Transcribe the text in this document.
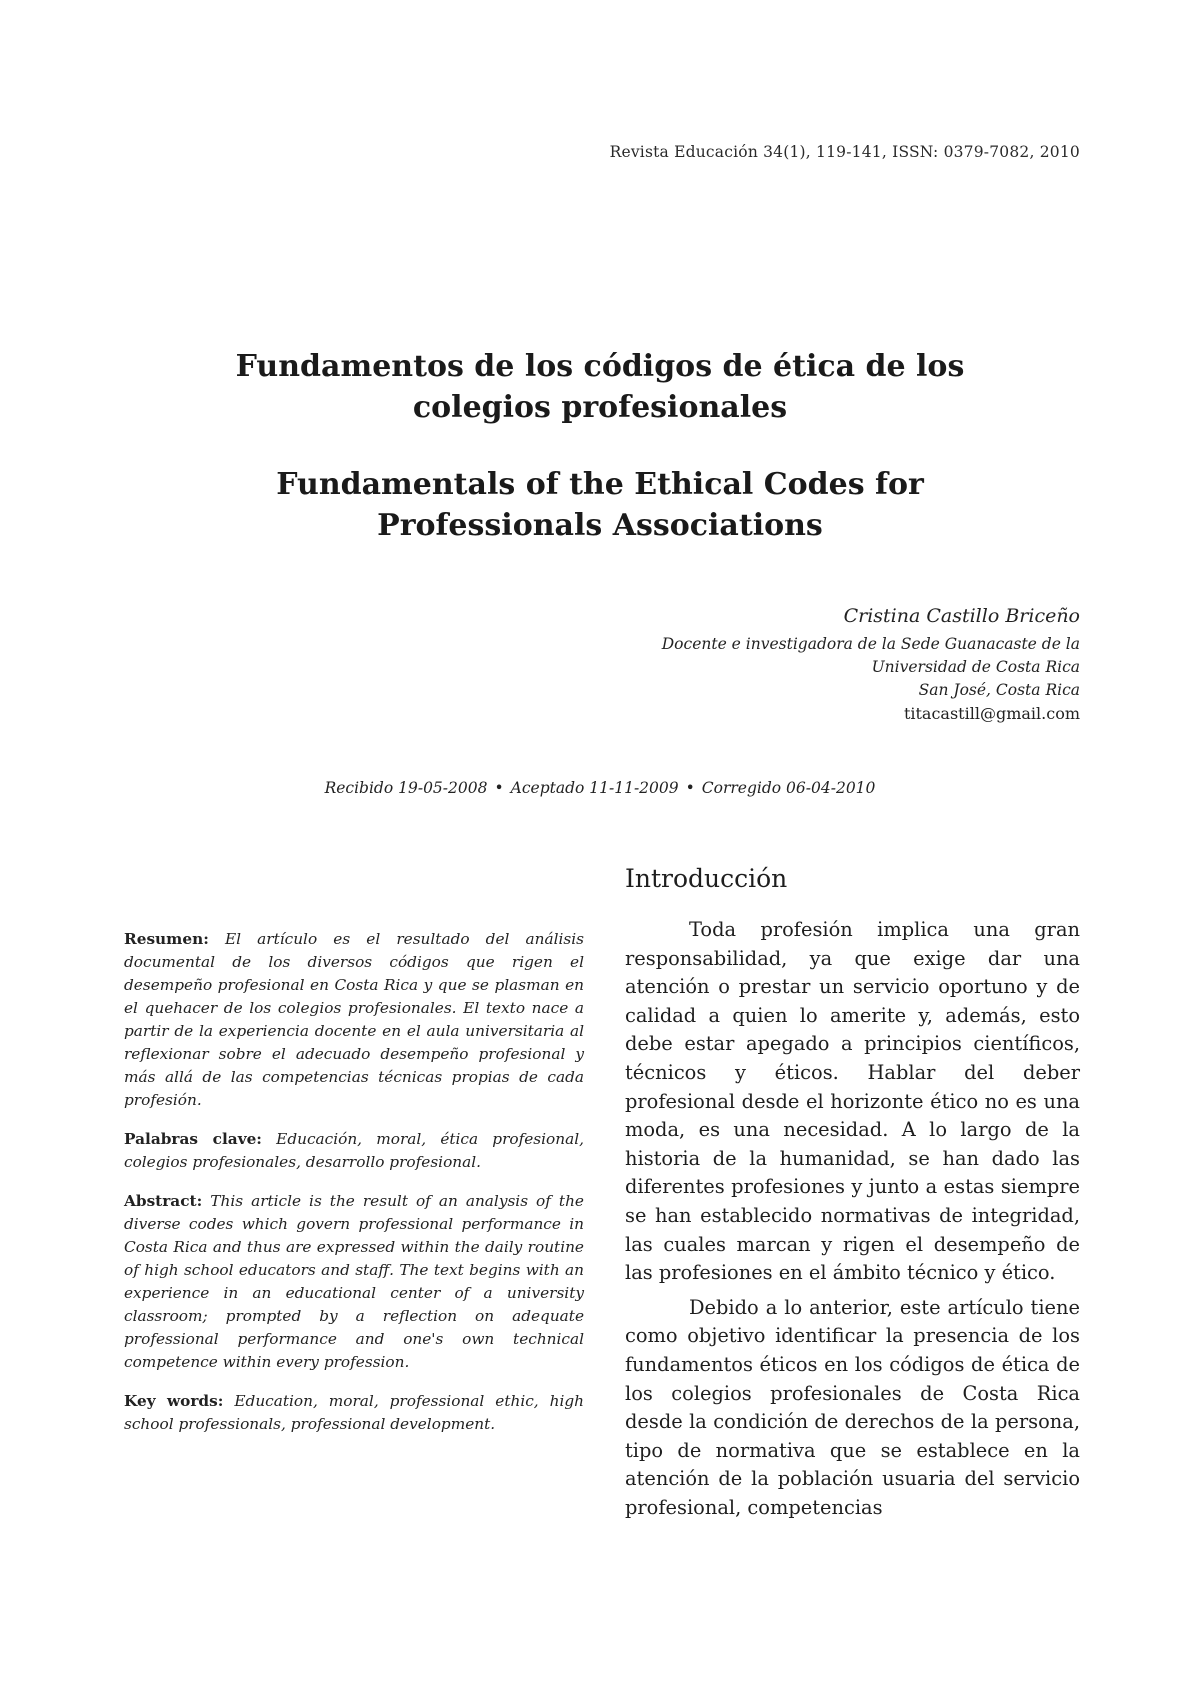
Revista Educación 34(1), 119-141, ISSN: 0379-7082, 2010
Fundamentos de los códigos de ética de los
colegios profesionales
Fundamentals of the Ethical Codes for
Professionals Associations
Cristina Castillo Briceño
Docente e investigadora de la Sede Guanacaste de la
Universidad de Costa Rica
San José, Costa Rica
titacastill@gmail.com
Recibido 19-05-2008 • Aceptado 11-11-2009 • Corregido 06-04-2010

Resumen: El artículo es el resultado del análisis documental de los diversos códigos que rigen el desempeño profesional en Costa Rica y que se plasman en el quehacer de los colegios profesionales. El texto nace a partir de la experiencia docente en el aula universitaria al reflexionar sobre el adecuado desempeño profesional y más allá de las competencias técnicas propias de cada profesión.

Palabras clave: Educación, moral, ética profesional, colegios profesionales, desarrollo profesional.

Abstract: This article is the result of an analysis of the diverse codes which govern professional performance in Costa Rica and thus are expressed within the daily routine of high school educators and staff. The text begins with an experience in an educational center of a university classroom; prompted by a reflection on adequate professional performance and one's own technical competence within every profession.

Key words: Education, moral, professional ethic, high school professionals, professional development.

Introducción

Toda profesión implica una gran responsabilidad, ya que exige dar una atención o prestar un servicio oportuno y de calidad a quien lo amerite y, además, esto debe estar apegado a principios científicos, técnicos y éticos. Hablar del deber profesional desde el horizonte ético no es una moda, es una necesidad. A lo largo de la historia de la humanidad, se han dado las diferentes profesiones y junto a estas siempre se han establecido normativas de integridad, las cuales marcan y rigen el desempeño de las profesiones en el ámbito técnico y ético.

Debido a lo anterior, este artículo tiene como objetivo identificar la presencia de los fundamentos éticos en los códigos de ética de los colegios profesionales de Costa Rica desde la condición de derechos de la persona, tipo de normativa que se establece en la atención de la población usuaria del servicio profesional, competencias
